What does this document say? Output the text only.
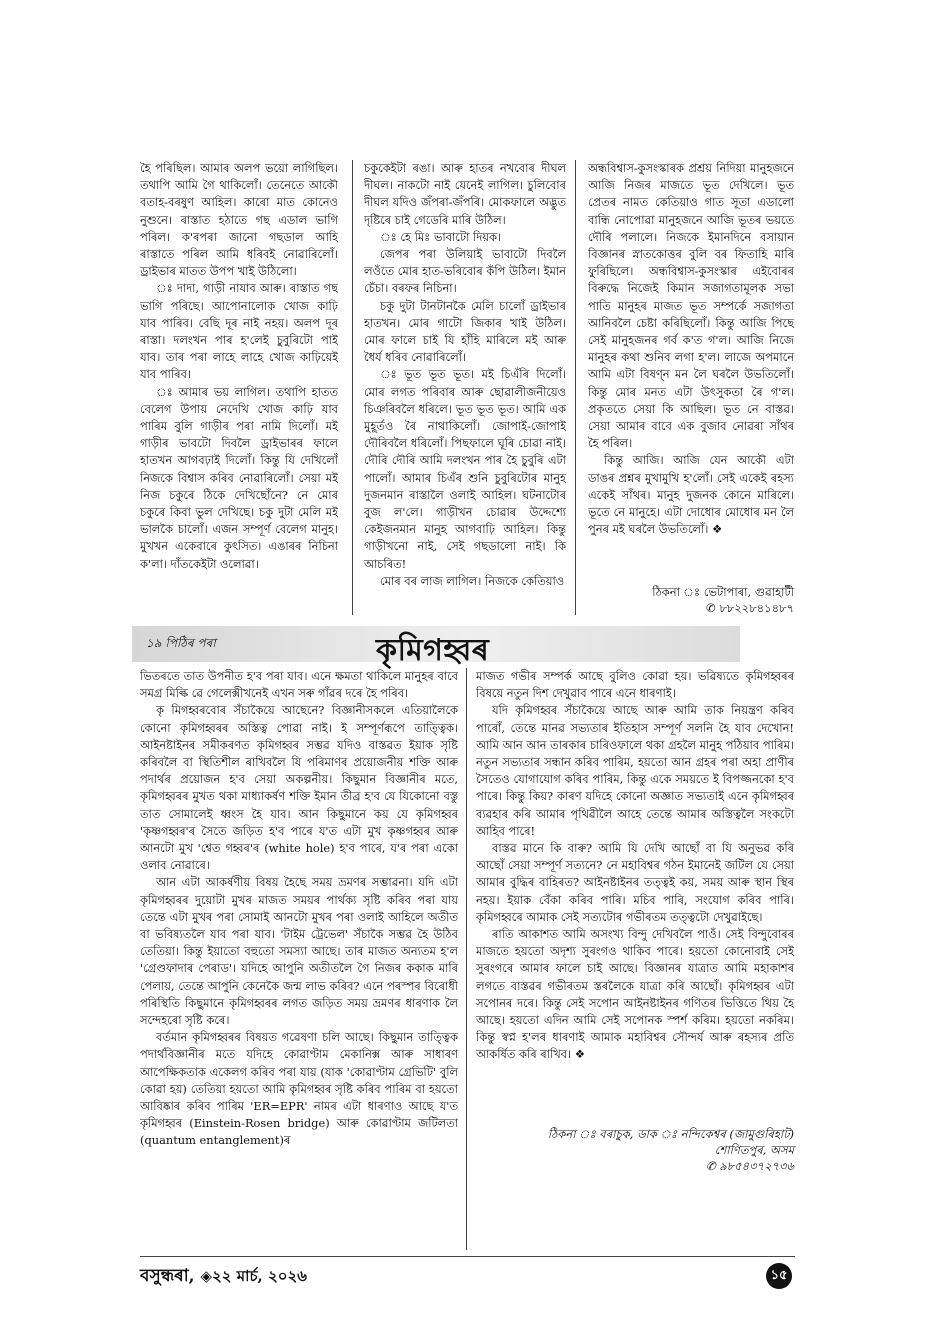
হৈ পৰিছিল। আমাৰ অলপ ভয়ো লাগিছিল। তথাপি আমি গৈ থাকিলোঁ। তেনেতে আকৌ বতাহ-বৰষুণ আহিল। কাৰো মাত কোনেও নুশুনে। ৰাস্তাত হঠাতে গছ এডাল ভাগি পৰিল। ক'ৰপৰা জানো গছডাল আহি ৰাস্তাতে পৰিল আমি ধৰিবই নোৱাৰিলোঁ। ড্ৰাইভাৰ মাতত উপপ খাই উঠিলো।

ঃ দাদা, গাড়ী নাযাব আৰু। ৰাস্তাত গছ ভাগি পৰিছে। আপোনালোক খোজ কাঢ়ি যাব পাৰিব। বেছি দূৰ নাই নহয়। অলপ দূৰ ৰাস্তা। দলংখন পাৰ হ'লেই চুবুৰিটো পাই যাব। তাৰ পৰা লাহে লাহে খোজ কাঢ়িয়েই যাব পাৰিব।

ঃ আমাৰ ভয় লাগিল। তথাপি হাতত বেলেগ উপায় নেদেখি খোজ কাঢ়ি যাব পাৰিম বুলি গাড়ীৰ পৰা নামি দিলোঁ। মই গাড়ীৰ ভাবটো দিবলৈ ড্ৰাইভাৰৰ ফালে হাতখন আগবঢ়াই দিলোঁ। কিন্তু যি দেখিলোঁ নিজকে বিশ্বাস কৰিব নোৱাৰিলোঁ। সেয়া মই নিজ চকুৰে ঠিকে দেখিছোঁনে? নে মোৰ চকুৰে কিবা ভুল দেখিছে। চকু দুটা মেলি মই ভালকৈ চালোঁ। এজন সম্পূৰ্ণ বেলেগ মানুহ। মুখখন একেবাৰে কুৎসিত। এঙাৰৰ নিচিনা ক'লা। দাঁতকেইটা ওলোৱা।

চকুকেইটা ৰঙা। আৰু হাতৰ নখবোৰ দীঘল দীঘল। নাকটো নাই যেনেই লাগিল। চুলিবোৰ দীঘল যদিও জঁপৰা-জঁপৰি। মোকফালে অদ্ভুত দৃষ্টিৰে চাই গেডেৰি মাৰি উঠিল।

ঃ হে মিঃ ভাবাটো দিয়ক।

জেপৰ পৰা উলিয়াই ভাবাটো দিবলৈ লওঁতে মোৰ হাত-ভৰিবোৰ কঁপি উঠিল। ইমান চেঁচা। বৰফৰ নিচিনা।

চকু দুটা টানটানকৈ মেলি চালোঁ ড্ৰাইভাৰ হাতখন। মোৰ গাটো জিকাৰ খাই উঠিল। মোৰ ফালে চাই যি হাঁহি মাৰিলে মই আৰু ধৈৰ্য ধৰিব নোৱাৰিলোঁ।

ঃ ভূত ভূত ভূত। মই চিএঁৰি দিলোঁ। মোৰ লগত পৰিবাৰ আৰু ছোৱালীজনীয়েও চিঞৰিবলৈ ধৰিলে। ভূত ভূত ভূত। আমি এক মুহূৰ্তও ৰৈ নাথাকিলোঁ। জোপাই-জোপাই দৌৰিবলৈ ধৰিলোঁ। পিছফালে ঘূৰি চোৱা নাই। দৌৰি দৌৰি আমি দলংখন পাৰ হৈ চুবুৰি এটা পালোঁ। আমাৰ চিএঁৰ শুনি চুবুৰিটোৰ মানুহ দুজনমান ৰাস্তালৈ ওলাই আহিল। ঘটনাটোৰ বুজ ল'লে। গাড়ীখন চোৱাৰ উদ্দেশ্যে কেইজনমান মানুহ আগবাঢ়ি আহিল। কিন্তু গাড়ীখনো নাই, সেই গছডালো নাই। কি আচৰিত!

মোৰ বৰ লাজ লাগিল। নিজকে কেতিয়াও

অন্ধবিশ্বাস-কুসংস্কাৰক প্ৰশ্ৰয় নিদিয়া মানুহজনে আজি নিজৰ মাজতে ভূত দেখিলে। ভূত প্ৰেতৰ নামত কেতিয়াও গাত সূতা এডালো বান্ধি নোপোৱা মানুহজনে আজি ভূতৰ ভয়তে দৌৰি পলালে। নিজকে ইমানদিনে বসায়ান বিজ্ঞানৰ স্নাতকোত্তৰ বুলি বৰ ফিতাহি মাৰি ফুৰিছিলে। অন্ধবিশ্বাস-কুসংস্কাৰ এইবোৰৰ বিৰুদ্ধে নিজেই কিমান সজাগতামূলক সভা পাতি মানুহৰ মাজত ভূত সম্পৰ্কে সজাগতা আনিবলৈ চেষ্টা কৰিছিলোঁ। কিন্তু আজি পিছে সেই মানুহজনৰ গৰ্ব ক'ত গ'ল। আজি নিজে মানুহৰ কথা শুনিব লগা হ'ল। লাজে অপমানে আমি এটা বিষণ্ন মন লৈ ঘৰলৈ উভতিলোঁ। কিন্তু মোৰ মনত এটা উৎসুকতা ৰৈ গ'ল। প্ৰকৃততে সেয়া কি আছিল। ভূত নে বাস্তৱ। সেয়া আমাৰ বাবে এক বুজাব নোৱৰা সাঁথৰ হৈ পৰিল।

কিন্তু আজি। আজি যেন আকৌ এটা ডাঙৰ প্ৰশ্নৰ মুখামুখি হ'লোঁ। সেই একেই ৰহস্য একেই সাঁথৰ। মানুহ দুজনক কোনে মাৰিলে। ভূতে নে মানুহে। এটা দোধোৰ মোধোৰ মন লৈ পুনৰ মই ঘৰলৈ উভতিলোঁ। ❖

ঠিকনা ঃ ভেটাপাৰা, গুৱাহাটী
✆ ৮৮২২৮৪১৪৮৭
১৯ পিঠিৰ পৰা	কৃমিগহ্বৰ

ভিতৰতে তাত উপনীত হ'ব পৰা যাব। এনে ক্ষমতা থাকিলে মানুহৰ বাবে সমগ্ৰ মিল্কি ৱে গেলেক্সীখনেই এখন সৰু গাঁৱৰ দৰে হৈ পৰিব।

কৃ মিগহ্বৰবোৰ সঁচাকৈয়ে আছেনে? বিজ্ঞানীসকলে এতিয়ালৈকে কোনো কৃমিগহ্বৰৰ অস্তিত্ব পোৱা নাই। ই সম্পূৰ্ণৰূপে তাত্ত্বিক। আইনষ্টাইনৰ সমীকৰণত কৃমিগহ্বৰ সম্ভৱ যদিও বাস্তৱত ইয়াক সৃষ্টি কৰিবলৈ বা স্থিতিশীল ৰাখিবলৈ যি পৰিমাণৰ প্ৰয়োজনীয় শক্তি আৰু পদাৰ্থৰ প্ৰয়োজন হ'ব সেয়া অকল্পনীয়। কিছুমান বিজ্ঞানীৰ মতে, কৃমিগহ্বৰৰ মুখত থকা মাধ্যাকৰ্ষণ শক্তি ইমান তীব্ৰ হ'ব যে যিকোনো বস্তু তাত সোমালেই ধ্বংস হৈ যাব। আন কিছুমানে কয় যে কৃমিগহ্বৰ 'কৃষ্ণগহ্বৰ'ৰ সৈতে জড়িত হ'ব পাৰে য'ত এটা মুখ কৃষ্ণগহ্বৰ আৰু আনটো মুখ 'শ্বেত গহ্বৰ'ৰ (white hole) হ'ব পাৰে, য'ৰ পৰা একো ওলাব নোৱাৰে।

আন এটা আকৰ্ষণীয় বিষয় হৈছে সময় ভ্ৰমণৰ সম্ভাৱনা। যদি এটা কৃমিগহ্বৰৰ দুয়োটা মুখৰ মাজত সময়ৰ পাৰ্থক্য সৃষ্টি কৰিব পৰা যায় তেন্তে এটা মুখৰ পৰা সোমাই আনটো মুখৰ পৰা ওলাই আহিলে অতীত বা ভবিষ্যতলৈ যাব পৰা যাব। 'টাইম ট্ৰেভেল' সঁচাকৈ সম্ভৱ হৈ উঠিব তেতিয়া। কিন্তু ইয়াতো বহুতো সমস্যা আছে। তাৰ মাজত অন্যতম হ'ল 'গ্ৰেণ্ডফাদাৰ পেৰাড'। যদিহে আপুনি অতীতলৈ গৈ নিজৰ ককাক মাৰি পেলায়, তেন্তে আপুনি কেনেকৈ জন্ম লাভ কৰিব? এনে পৰস্পৰ বিৰোধী পৰিস্থিতি কিছুমানে কৃমিগহ্বৰৰ লগত জড়িত সময় ভ্ৰমণৰ ধাৰণাক লৈ সন্দেহৰো সৃষ্টি কৰে।

বৰ্তমান কৃমিগহ্বৰৰ বিষয়ত গৱেষণা চলি আছে। কিছুমান তাত্ত্বিক পদাৰ্থবিজ্ঞানীৰ মতে যদিহে কোৱাণ্টাম মেকানিক্স আৰু সাধাৰণ আপেক্ষিকতাক একেলগ কৰিব পৰা যায় (যাক 'কোৱাণ্টাম গ্ৰেভিটি' বুলি কোৱা হয়) তেতিয়া হয়তো আমি কৃমিগহ্বৰ সৃষ্টি কৰিব পাৰিম বা হয়তো আবিষ্কাৰ কৰিব পাৰিম 'ER=EPR' নামৰ এটা ধাৰণাও আছে য'ত কৃমিগহ্বৰ (Einstein-Rosen bridge) আৰু কোৱাণ্টাম জটিলতা (quantum entanglement)ৰ

মাজত গভীৰ সম্পৰ্ক আছে বুলিও কোৱা হয়। ভৱিষ্যতে কৃমিগহ্বৰৰ বিষয়ে নতুন দিশ দেখুৱাব পাৰে এনে ধাৰণাই।

যদি কৃমিগহ্বৰ সঁচাকৈয়ে আছে আৰু আমি তাক নিয়ন্ত্ৰণ কৰিব পাৰোঁ, তেন্তে মানৱ সভ্যতাৰ ইতিহাস সম্পূৰ্ণ সলনি হৈ যাব দেখোন! আমি আন আন তাৰকাৰ চাৰিওফালে থকা গ্ৰহলৈ মানুহ পঠিয়াব পাৰিম। নতুন সভ্যতাৰ সন্ধান কৰিব পাৰিম, হয়তো আন গ্ৰহৰ পৰা অহা প্ৰাণীৰ সৈতেও যোগাযোগ কৰিব পাৰিম, কিন্তু একে সময়তে ই বিপজ্জনকো হ'ব পাৰে। কিন্তু কিয়? কাৰণ যদিহে কোনো অজ্ঞাত সভ্যতাই এনে কৃমিগহ্বৰ ব্যৱহাৰ কৰি আমাৰ পৃথিৱীলৈ আহে তেন্তে আমাৰ অস্তিত্বলৈ সংকটো আহিব পাৰে!

বাস্তৱ মানে কি বাৰু? আমি যি দেখি আছোঁ বা যি অনুভৱ কৰি আছোঁ সেয়া সম্পূৰ্ণ সত্যনে? নে মহাবিশ্বৰ গঠন ইমানেই জটিল যে সেয়া আমাৰ বুদ্ধিৰ বাহিৰত? আইনষ্টাইনৰ তত্ত্বই কয়, সময় আৰু স্থান স্থিৰ নহয়। ইয়াক বেঁকা কৰিব পাৰি। মচিব পাৰি, সংযোগ কৰিব পাৰি। কৃমিগহ্বৰে আমাক সেই সত্যটোৰ গভীৰতম তত্ত্বটো দেখুৱাইছে।

ৰাতি আকাশত আমি অসংখ্য বিন্দু দেখিবলৈ পাওঁ। সেই বিন্দুবোৰৰ মাজতে হয়তো অদৃশ্য সুৰংগও থাকিব পাৰে। হয়তো কোনোবাই সেই সুৰংগৰে আমাৰ ফালে চাই আছে। বিজ্ঞানৰ যাত্ৰাত আমি মহাকাশৰ লগতে বাস্তৱৰ গভীৰতম স্তৰলৈকে যাত্ৰা কৰি আছোঁ। কৃমিগহ্বৰ এটা সপোনৰ দৰে। কিন্তু সেই সপোন আইনষ্টাইনৰ গণিতৰ ভিত্তিতে থিয় হৈ আছে। হয়তো এদিন আমি সেই সপোনক স্পৰ্শ কৰিম। হয়তো নকৰিম। কিন্তু স্বপ্ন হ'লৰ ধাৰণাই আমাক মহাবিশ্বৰ সৌন্দৰ্য আৰু ৰহস্যৰ প্ৰতি আকৰ্ষিত কৰি ৰাখিব। ❖

ঠিকনা ঃ বৰাচুক, ডাক ঃ নন্দিকেশ্বৰ (জামুগুৰিহাট)
শোণিতপুৰ, অসম
✆ ৯৮৫৪৩৭২৭৩৬
বসুন্ধৰা, ◈২২ মাৰ্চ, ২০২৬	১৫
